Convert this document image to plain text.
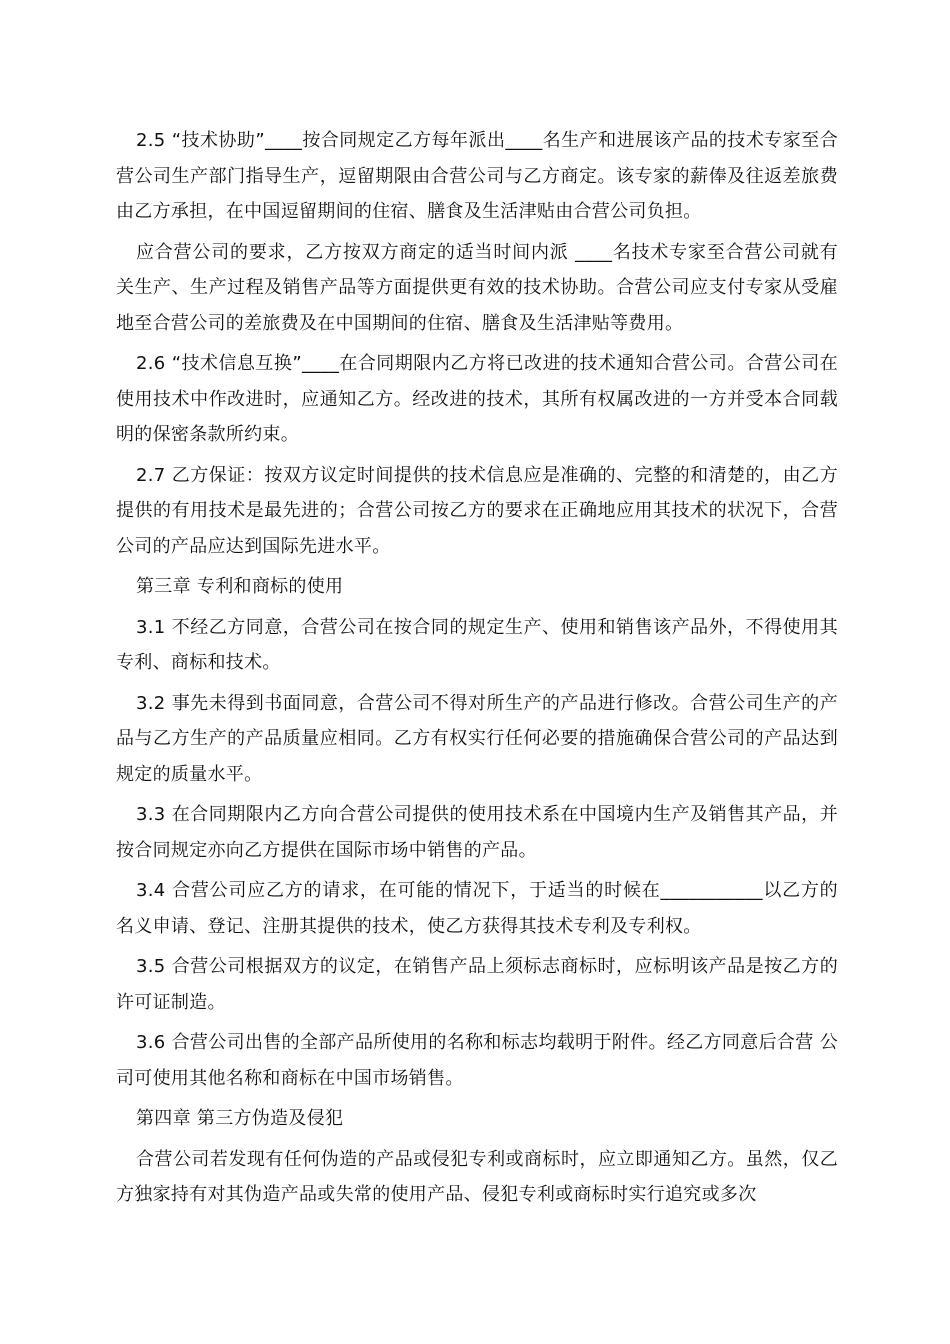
2.5 “技术协助”____按合同规定乙方每年派出____名生产和进展该产品的技术专家至合营公司生产部门指导生产，逗留期限由合营公司与乙方商定。该专家的薪俸及往返差旅费由乙方承担，在中国逗留期间的住宿、膳食及生活津贴由合营公司负担。

应合营公司的要求，乙方按双方商定的适当时间内派 ____名技术专家至合营公司就有关生产、生产过程及销售产品等方面提供更有效的技术协助。合营公司应支付专家从受雇地至合营公司的差旅费及在中国期间的住宿、膳食及生活津贴等费用。

2.6 “技术信息互换”____在合同期限内乙方将已改进的技术通知合营公司。合营公司在使用技术中作改进时，应通知乙方。经改进的技术，其所有权属改进的一方并受本合同载明的保密条款所约束。

2.7 乙方保证：按双方议定时间提供的技术信息应是准确的、完整的和清楚的，由乙方提供的有用技术是最先进的；合营公司按乙方的要求在正确地应用其技术的状况下，合营公司的产品应达到国际先进水平。

第三章 专利和商标的使用

3.1 不经乙方同意，合营公司在按合同的规定生产、使用和销售该产品外，不得使用其专利、商标和技术。

3.2 事先未得到书面同意，合营公司不得对所生产的产品进行修改。合营公司生产的产品与乙方生产的产品质量应相同。乙方有权实行任何必要的措施确保合营公司的产品达到规定的质量水平。

3.3 在合同期限内乙方向合营公司提供的使用技术系在中国境内生产及销售其产品，并按合同规定亦向乙方提供在国际市场中销售的产品。

3.4 合营公司应乙方的请求，在可能的情况下，于适当的时候在___________以乙方的名义申请、登记、注册其提供的技术，使乙方获得其技术专利及专利权。

3.5 合营公司根据双方的议定，在销售产品上须标志商标时，应标明该产品是按乙方的许可证制造。

3.6 合营公司出售的全部产品所使用的名称和标志均载明于附件。经乙方同意后合营 公司可使用其他名称和商标在中国市场销售。

第四章 第三方伪造及侵犯

合营公司若发现有任何伪造的产品或侵犯专利或商标时，应立即通知乙方。虽然，仅乙方独家持有对其伪造产品或失常的使用产品、侵犯专利或商标时实行追究或多次
